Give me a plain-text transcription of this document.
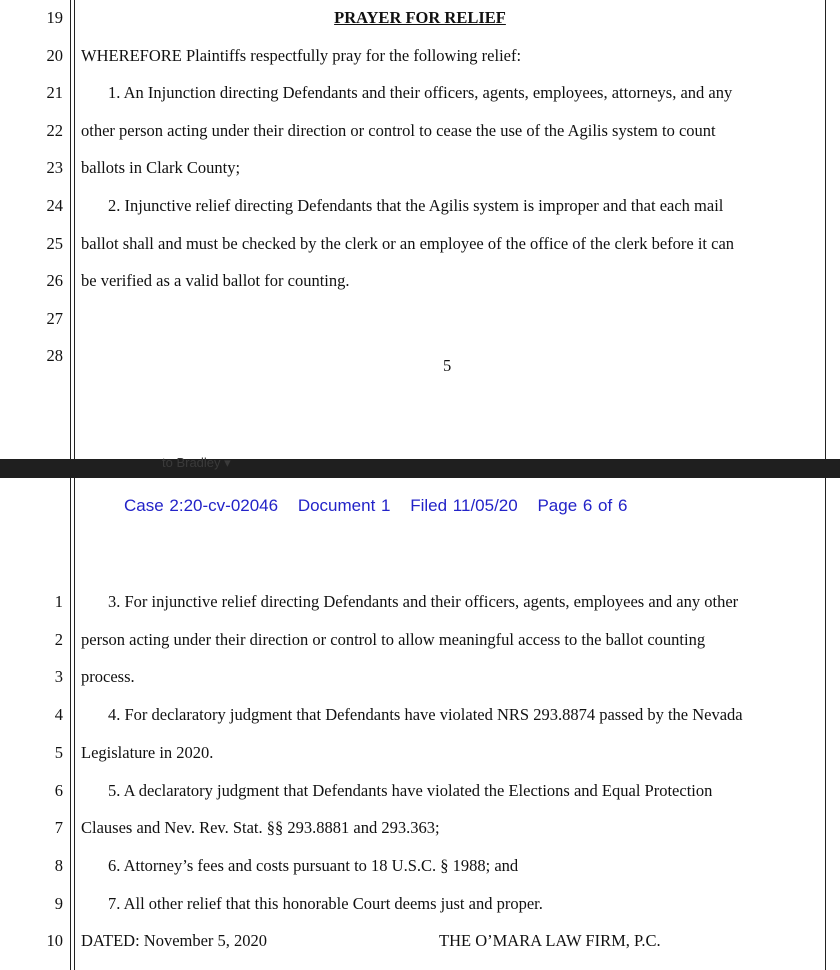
PRAYER FOR RELIEF
19
20 WHEREFORE Plaintiffs respectfully pray for the following relief:
21	1. An Injunction directing Defendants and their officers, agents, employees, attorneys, and any
22 other person acting under their direction or control to cease the use of the Agilis system to count
23 ballots in Clark County;
24	2. Injunctive relief directing Defendants that the Agilis system is improper and that each mail
25 ballot shall and must be checked by the clerk or an employee of the office of the clerk before it can
26 be verified as a valid ballot for counting.
27
28
5
to Bradley ▾
Case 2:20-cv-02046 Document 1 Filed 11/05/20 Page 6 of 6
1	3. For injunctive relief directing Defendants and their officers, agents, employees and any other
2 person acting under their direction or control to allow meaningful access to the ballot counting
3 process.
4	4. For declaratory judgment that Defendants have violated NRS 293.8874 passed by the Nevada
5 Legislature in 2020.
6	5. A declaratory judgment that Defendants have violated the Elections and Equal Protection
7 Clauses and Nev. Rev. Stat. §§ 293.8881 and 293.363;
8	6. Attorney’s fees and costs pursuant to 18 U.S.C. § 1988; and
9	7. All other relief that this honorable Court deems just and proper.
10 DATED: November 5, 2020	THE O’MARA LAW FIRM, P.C.
